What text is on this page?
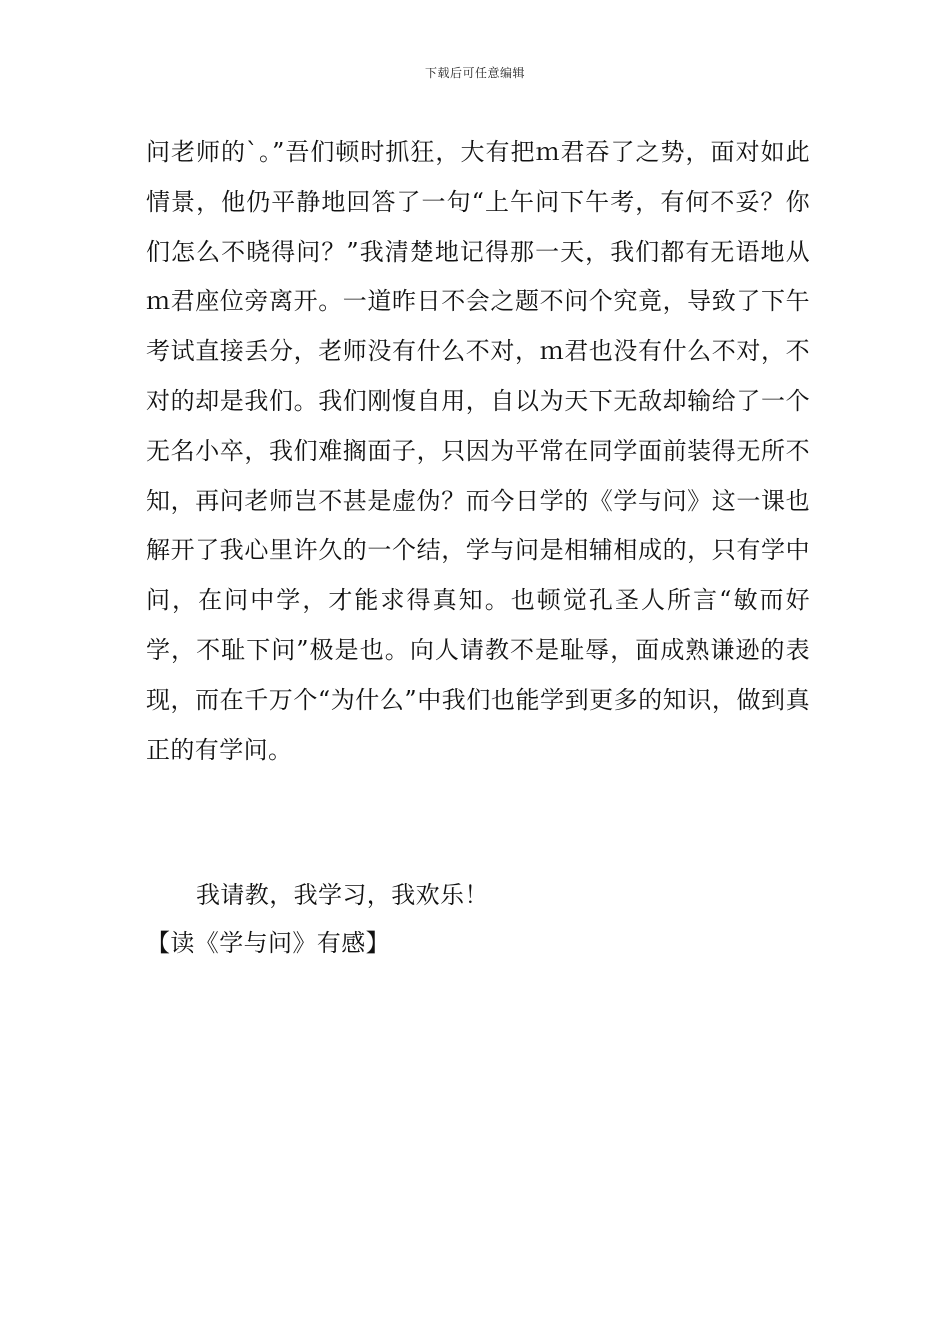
下载后可任意编辑
问老师的`。”吾们顿时抓狂，大有把ｍ君吞了之势，面对如此情景，他仍平静地回答了一句“上午问下午考，有何不妥？你们怎么不晓得问？”我清楚地记得那一天，我们都有无语地从ｍ君座位旁离开。一道昨日不会之题不问个究竟，导致了下午考试直接丢分，老师没有什么不对，ｍ君也没有什么不对，不对的却是我们。我们刚愎自用，自以为天下无敌却输给了一个无名小卒，我们难搁面子，只因为平常在同学面前装得无所不知，再问老师岂不甚是虚伪？而今日学的《学与问》这一课也解开了我心里许久的一个结，学与问是相辅相成的，只有学中问，在问中学，才能求得真知。也顿觉孔圣人所言“敏而好学，不耻下问”极是也。向人请教不是耻辱，面成熟谦逊的表现，而在千万个“为什么”中我们也能学到更多的知识，做到真正的有学问。
我请教，我学习，我欢乐！
【读《学与问》有感】
